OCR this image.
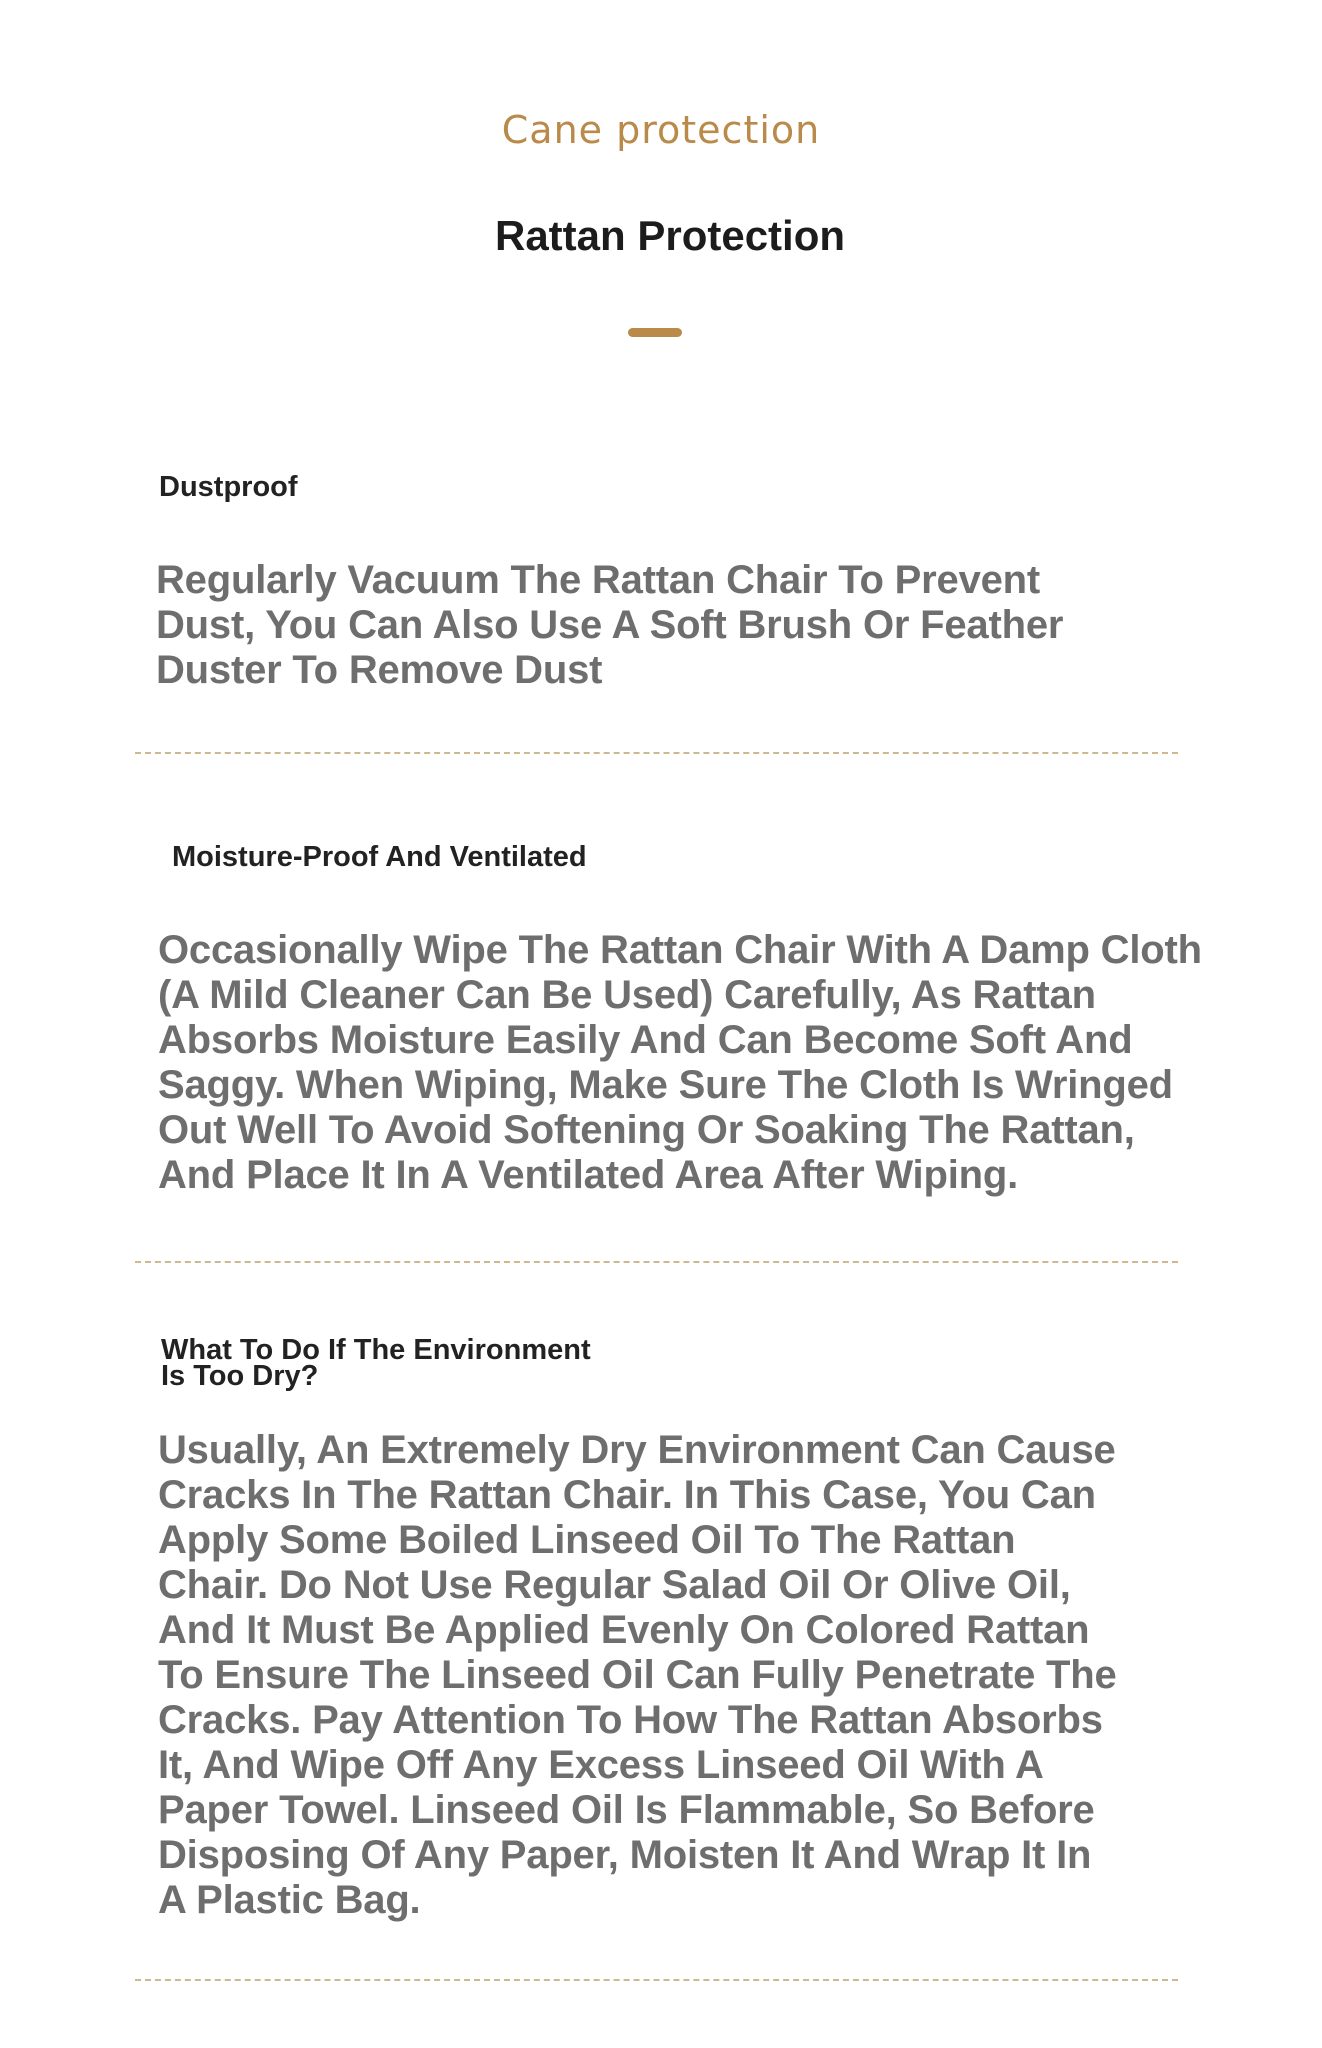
Cane protection
Rattan Protection
Dustproof
Regularly Vacuum The Rattan Chair To Prevent
Dust, You Can Also Use A Soft Brush Or Feather
Duster To Remove Dust
Moisture-Proof And Ventilated
Occasionally Wipe The Rattan Chair With A Damp Cloth
(A Mild Cleaner Can Be Used) Carefully, As Rattan
Absorbs Moisture Easily And Can Become Soft And
Saggy. When Wiping, Make Sure The Cloth Is Wringed
Out Well To Avoid Softening Or Soaking The Rattan,
And Place It In A Ventilated Area After Wiping.
What To Do If The Environment
Is Too Dry?
Usually, An Extremely Dry Environment Can Cause
Cracks In The Rattan Chair. In This Case, You Can
Apply Some Boiled Linseed Oil To The Rattan
Chair. Do Not Use Regular Salad Oil Or Olive Oil,
And It Must Be Applied Evenly On Colored Rattan
To Ensure The Linseed Oil Can Fully Penetrate The
Cracks. Pay Attention To How The Rattan Absorbs
It, And Wipe Off Any Excess Linseed Oil With A
Paper Towel. Linseed Oil Is Flammable, So Before
Disposing Of Any Paper, Moisten It And Wrap It In
A Plastic Bag.
